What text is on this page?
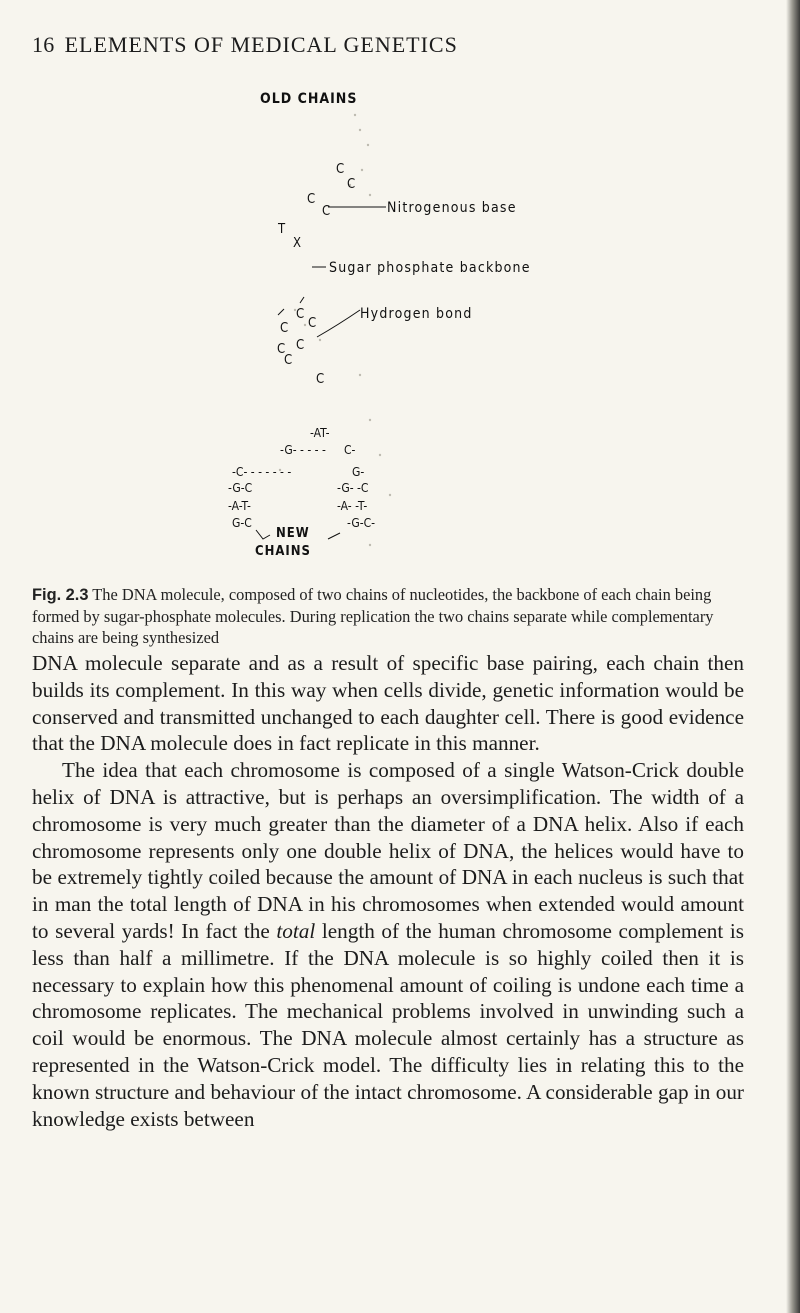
16 ELEMENTS OF MEDICAL GENETICS
OLD CHAINS
C
C
C
C
T
X
C
C C
C C
C
C
Nitrogenous base
Sugar phosphate backbone
Hydrogen bond
-AT-
-G- - - - - C-
-C- - - - - - -	G-
-G-C	-G- -C
-A-T-	-A- -T-
G-C	-G-C-
NEW
CHAINS
Fig. 2.3 The DNA molecule, composed of two chains of nucleotides, the backbone of each chain being formed by sugar-phosphate molecules. During replication the two chains separate while complementary chains are being synthesized

DNA molecule separate and as a result of specific base pairing, each chain then builds its complement. In this way when cells divide, genetic information would be conserved and transmitted unchanged to each daughter cell. There is good evidence that the DNA molecule does in fact replicate in this manner.

The idea that each chromosome is composed of a single Watson-Crick double helix of DNA is attractive, but is perhaps an oversimplification. The width of a chromosome is very much greater than the diameter of a DNA helix. Also if each chromosome represents only one double helix of DNA, the helices would have to be extremely tightly coiled because the amount of DNA in each nucleus is such that in man the total length of DNA in his chromosomes when extended would amount to several yards! In fact the total length of the human chromosome complement is less than half a millimetre. If the DNA molecule is so highly coiled then it is necessary to explain how this phenomenal amount of coiling is undone each time a chromosome replicates. The mechanical problems involved in unwinding such a coil would be enormous. The DNA molecule almost certainly has a structure as represented in the Watson-Crick model. The difficulty lies in relating this to the known structure and behaviour of the intact chromosome. A considerable gap in our knowledge exists between
